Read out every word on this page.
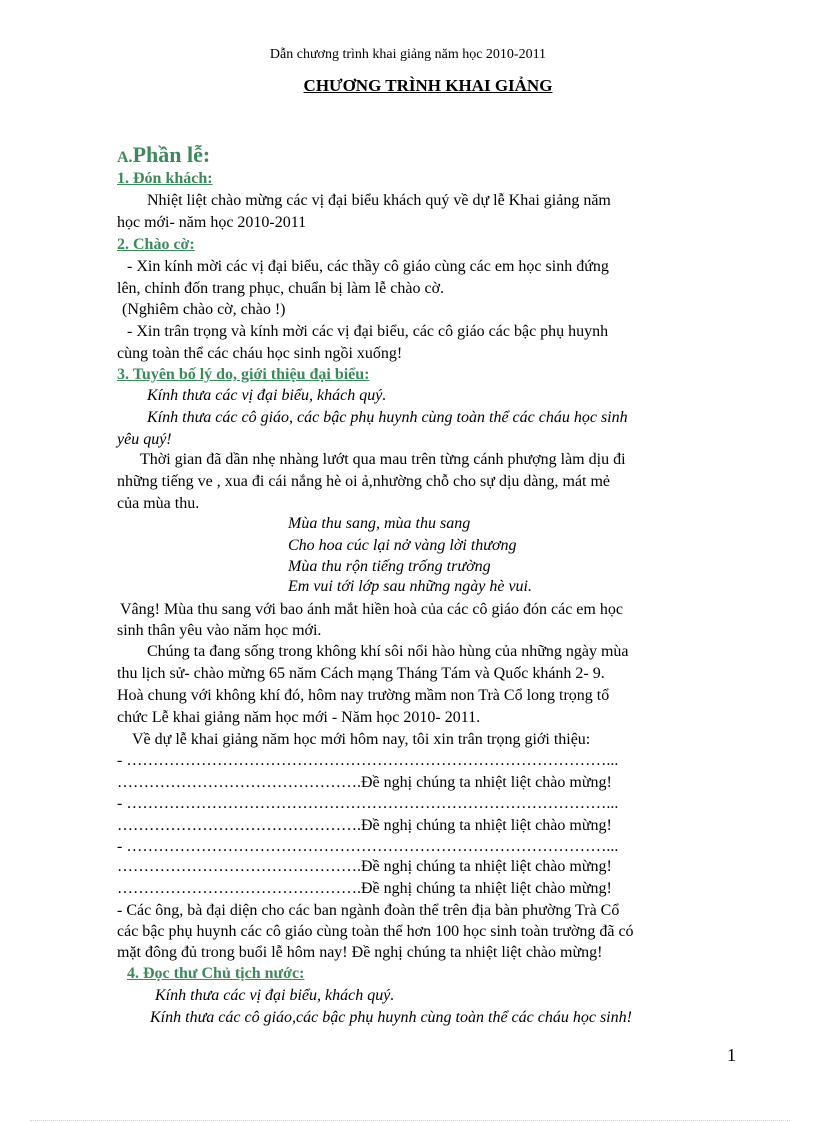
Dẫn chương trình khai giảng năm học 2010-2011
CHƯƠNG TRÌNH KHAI GIẢNG
A.Phần lễ:
1. Đón khách:
Nhiệt liệt chào mừng các vị đại biểu khách quý về dự lễ Khai giảng năm
học mới- năm học 2010-2011
2. Chào cờ:
- Xin kính mời các vị đại biểu, các thầy cô giáo cùng các em học sinh đứng
lên, chỉnh đốn trang phục, chuẩn bị làm lễ chào cờ.
(Nghiêm chào cờ, chào !)
- Xin trân trọng và kính mời các vị đại biểu, các cô giáo các bậc phụ huynh
cùng toàn thể các cháu học sinh ngồi xuống!
3. Tuyên bố lý do, giới thiệu đại biểu:
Kính thưa các vị đại biểu, khách quý.
Kính thưa các cô giáo, các bậc phụ huynh cùng toàn thể các cháu học sinh
yêu quý!
Thời gian đã dần nhẹ nhàng lướt qua mau trên từng cánh phượng làm dịu đi
những tiếng ve , xua đi cái nắng hè oi ả,nhường chỗ cho sự dịu dàng, mát mẻ
của mùa thu.
Mùa thu sang, mùa thu sang
Cho hoa cúc lại nở vàng lời thương
Mùa thu rộn tiếng trống trường
Em vui tới lớp sau những ngày hè vui.
Vâng! Mùa thu sang với bao ánh mắt hiền hoà của các cô giáo đón các em học
sinh thân yêu vào năm học mới.
Chúng ta đang sống trong không khí sôi nổi hào hùng của những ngày mùa
thu lịch sử- chào mừng 65 năm Cách mạng Tháng Tám và Quốc khánh 2- 9.
Hoà chung với không khí đó, hôm nay trường mầm non Trà Cổ long trọng tổ
chức Lễ khai giảng năm học mới - Năm học 2010- 2011.
Về dự lễ khai giảng năm học mới hôm nay, tôi xin trân trọng giới thiệu:
- ………………………………………………………………………………...
……………………………………….Đề nghị chúng ta nhiệt liệt chào mừng!
- ………………………………………………………………………………...
……………………………………….Đề nghị chúng ta nhiệt liệt chào mừng!
- ………………………………………………………………………………...
……………………………………….Đề nghị chúng ta nhiệt liệt chào mừng!
……………………………………….Đề nghị chúng ta nhiệt liệt chào mừng!
- Các ông, bà đại diện cho các ban ngành đoàn thể trên địa bàn phường Trà Cổ
các bậc phụ huynh các cô giáo cùng toàn thể hơn 100 học sinh toàn trường đã có
mặt đông đủ trong buổi lễ hôm nay! Đề nghị chúng ta nhiệt liệt chào mừng!
4. Đọc thư Chủ tịch nước:
Kính thưa các vị đại biểu, khách quý.
Kính thưa các cô giáo,các bậc phụ huynh cùng toàn thể các cháu học sinh!
1
